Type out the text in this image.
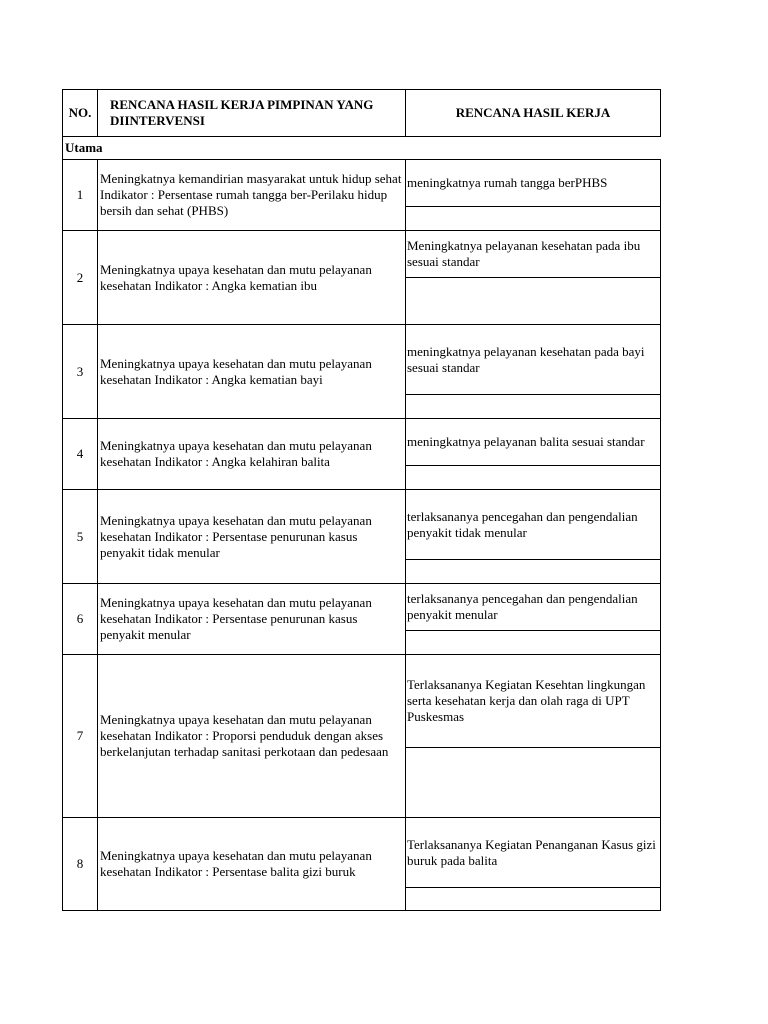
NO.	RENCANA HASIL KERJA PIMPINAN YANG DIINTERVENSI	RENCANA HASIL KERJA
Utama		
1	Meningkatnya kemandirian masyarakat untuk hidup sehat Indikator : Persentase rumah tangga ber-Perilaku hidup bersih dan sehat (PHBS)	meningkatnya rumah tangga berPHBS

2	Meningkatnya upaya kesehatan dan mutu pelayanan kesehatan Indikator : Angka kematian ibu	Meningkatnya pelayanan kesehatan pada ibu sesuai standar

3	Meningkatnya upaya kesehatan dan mutu pelayanan kesehatan Indikator : Angka kematian bayi	meningkatnya pelayanan kesehatan pada bayi sesuai standar

4	Meningkatnya upaya kesehatan dan mutu pelayanan kesehatan Indikator : Angka kelahiran balita	meningkatnya pelayanan balita sesuai standar

5	Meningkatnya upaya kesehatan dan mutu pelayanan kesehatan Indikator : Persentase penurunan kasus penyakit tidak menular	terlaksananya pencegahan dan pengendalian penyakit tidak menular

6	Meningkatnya upaya kesehatan dan mutu pelayanan kesehatan Indikator : Persentase penurunan kasus penyakit menular	terlaksananya pencegahan dan pengendalian penyakit menular

7	Meningkatnya upaya kesehatan dan mutu pelayanan kesehatan Indikator : Proporsi penduduk dengan akses berkelanjutan terhadap sanitasi perkotaan dan pedesaan	Terlaksananya Kegiatan Kesehtan lingkungan serta kesehatan kerja dan olah raga di UPT Puskesmas

8	Meningkatnya upaya kesehatan dan mutu pelayanan kesehatan Indikator : Persentase balita gizi buruk	Terlaksananya Kegiatan Penanganan Kasus gizi buruk pada balita
